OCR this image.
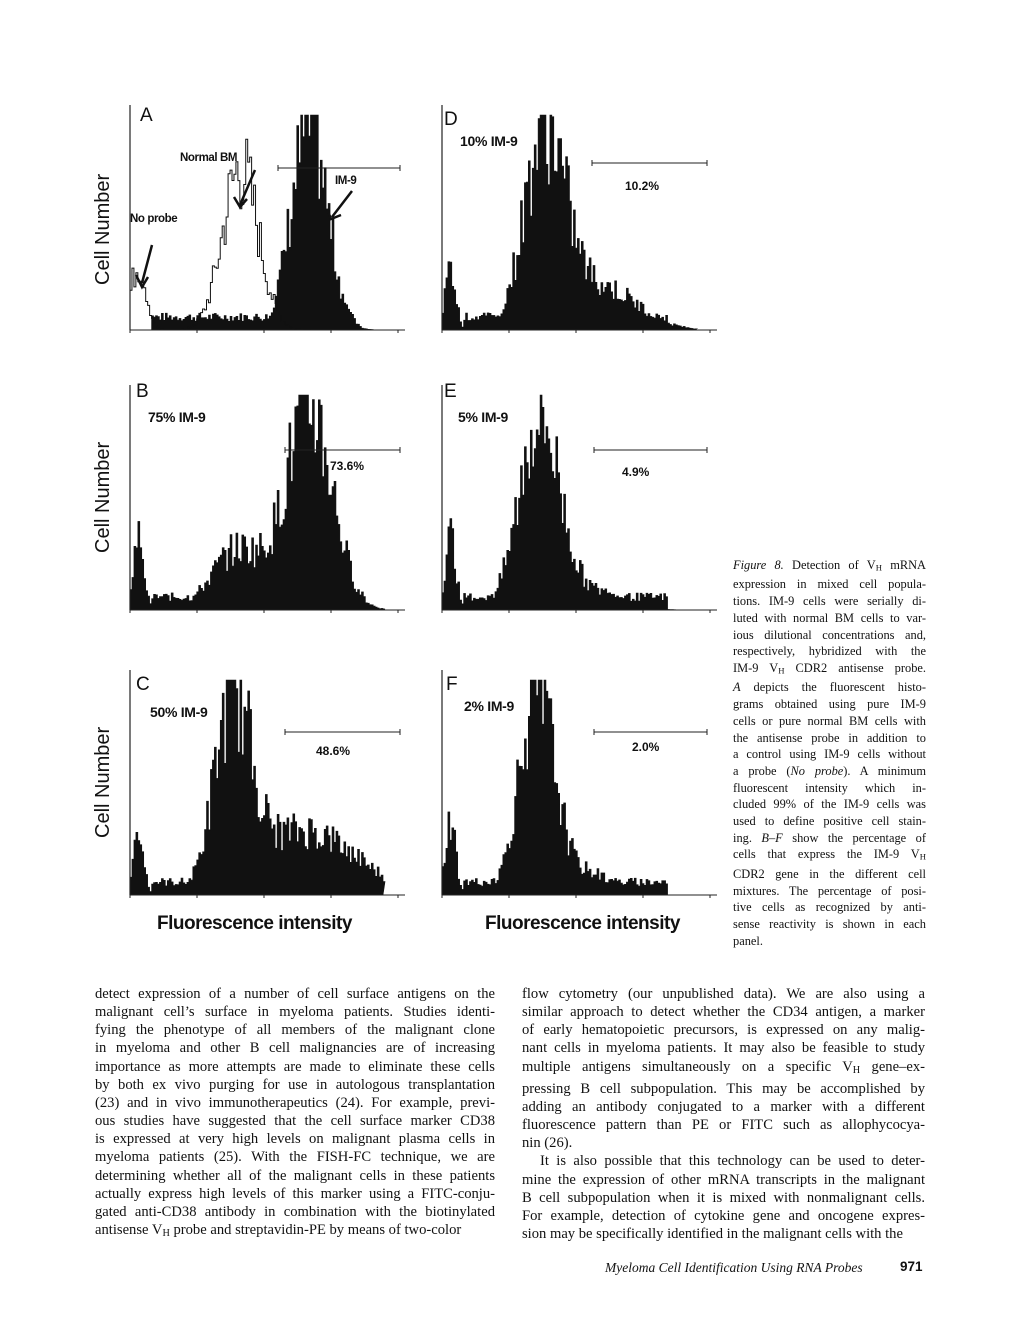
Cell Number
Cell Number
Cell Number
A
Normal BM
IM-9
No probe
D
10% IM-9
10.2%
B
75% IM-9
73.6%
E
5% IM-9
4.9%
C
50% IM-9
48.6%
F
2% IM-9
2.0%
Fluorescence intensity	Fluorescence intensity
Figure 8. Detection of $V_H$ mRNA
expression in mixed cell popula-
tions. IM-9 cells were serially di-
luted with normal BM cells to var-
ious dilutional concentrations and,
respectively, hybridized with the
IM-9 $V_H$ CDR2 antisense probe.
A depicts the fluorescent histo-
grams obtained using pure IM-9
cells or pure normal BM cells with
the antisense probe in addition to
a control using IM-9 cells without
a probe (No probe). A minimum
fluorescent intensity which in-
cluded 99% of the IM-9 cells was
used to define positive cell stain-
ing. B–F show the percentage of
cells that express the IM-9 $V_H$
CDR2 gene in the different cell
mixtures. The percentage of posi-
tive cells as recognized by anti-
sense reactivity is shown in each
panel.
detect expression of a number of cell surface antigens on the
malignant cell’s surface in myeloma patients. Studies identi-
fying the phenotype of all members of the malignant clone
in myeloma and other B cell malignancies are of increasing
importance as more attempts are made to eliminate these cells
by both ex vivo purging for use in autologous transplantation
(23) and in vivo immunotherapeutics (24). For example, previ-
ous studies have suggested that the cell surface marker CD38
is expressed at very high levels on malignant plasma cells in
myeloma patients (25). With the FISH-FC technique, we are
determining whether all of the malignant cells in these patients
actually express high levels of this marker using a FITC-conju-
gated anti-CD38 antibody in combination with the biotinylated
antisense $V_H$ probe and streptavidin-PE by means of two-color
flow cytometry (our unpublished data). We are also using a
similar approach to detect whether the CD34 antigen, a marker
of early hematopoietic precursors, is expressed on any malig-
nant cells in myeloma patients. It may also be feasible to study
multiple antigens simultaneously on a specific $V_H$ gene–ex-
pressing B cell subpopulation. This may be accomplished by
adding an antibody conjugated to a marker with a different
fluorescence pattern than PE or FITC such as allophycocya-
nin (26).
It is also possible that this technology can be used to deter-
mine the expression of other mRNA transcripts in the malignant
B cell subpopulation when it is mixed with nonmalignant cells.
For example, detection of cytokine gene and oncogene expres-
sion may be specifically identified in the malignant cells with the
Myeloma Cell Identification Using RNA Probes	971
